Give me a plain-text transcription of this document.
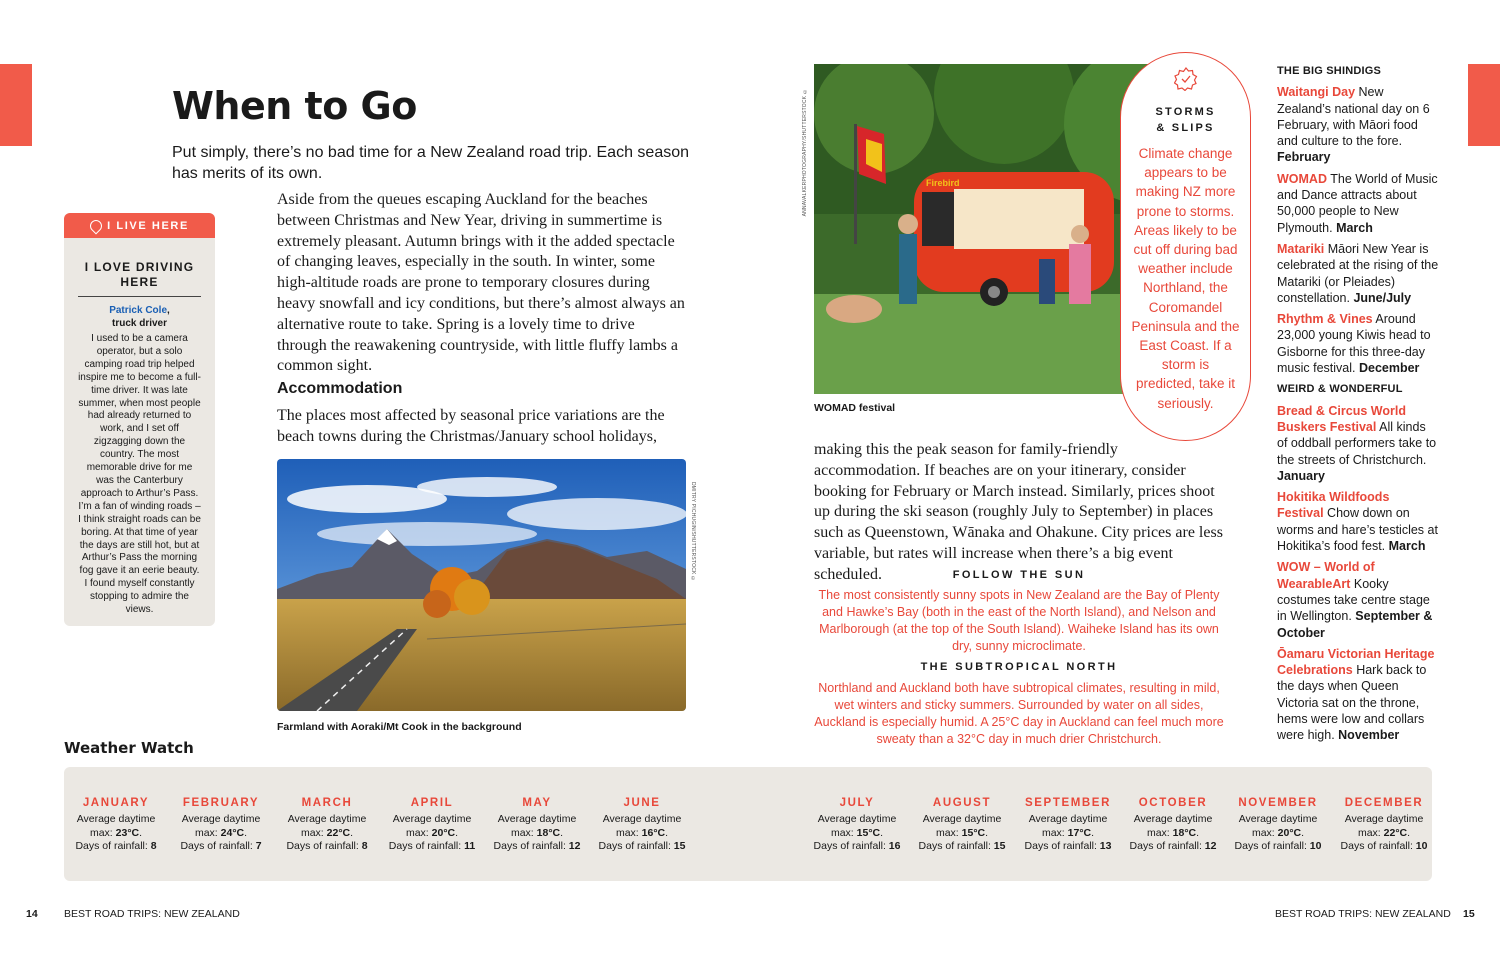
When to Go

Put simply, there’s no bad time for a New Zealand road trip. Each season has merits of its own.

Aside from the queues escaping Auckland for the beaches between Christmas and New Year, driving in summertime is extremely pleasant. Autumn brings with it the added spectacle of changing leaves, especially in the south. In winter, some high-altitude roads are prone to temporary closures during heavy snowfall and icy conditions, but there’s almost always an alternative route to take. Spring is a lovely time to drive through the reawakening countryside, with little fluffy lambs a common sight.

Accommodation

The places most affected by seasonal price variations are the beach towns during the Christmas/January school holidays,

I LIVE HERE
I LOVE DRIVING HERE
Patrick Cole,
truck driver

I used to be a camera operator, but a solo camping road trip helped inspire me to become a full-time driver. It was late summer, when most people had already returned to work, and I set off zigzagging down the country. The most memorable drive for me was the Canterbury approach to Arthur’s Pass. I’m a fan of winding roads – I think straight roads can be boring. At that time of year the days are still hot, but at Arthur’s Pass the morning fog gave it an eerie beauty. I found myself constantly stopping to admire the views.

DMITRY PICHUGIN/SHUTTERSTOCK ©
Farmland with Aoraki/Mt Cook in the background
Firebird
ANNAVALKERPHOTOGRAPHY/SHUTTERSTOCK ©
WOMAD festival
STORMS
& SLIPS

Climate change appears to be making NZ more prone to storms. Areas likely to be cut off during bad weather include Northland, the Coromandel Peninsula and the East Coast. If a storm is predicted, take it seriously.

making this the peak season for family-friendly accommodation. If beaches are on your itinerary, consider booking for February or March instead. Similarly, prices shoot up during the ski season (roughly July to September) in places such as Queenstown, Wānaka and Ohakune. City prices are less variable, but rates will increase when there’s a big event scheduled.	FOLLOW THE SUN

The most consistently sunny spots in New Zealand are the Bay of Plenty and Hawke’s Bay (both in the east of the North Island), and Nelson and Marlborough (at the top of the South Island). Waiheke Island has its own dry, sunny microclimate.

THE SUBTROPICAL NORTH

Northland and Auckland both have subtropical climates, resulting in mild, wet winters and sticky summers. Surrounded by water on all sides, Auckland is especially humid. A 25°C day in Auckland can feel much more sweaty than a 32°C day in much drier Christchurch.

THE BIG SHINDIGS
Waitangi Day New Zealand’s national day on 6 February, with Māori food and culture to the fore. February
WOMAD The World of Music and Dance attracts about 50,000 people to New Plymouth. March
Matariki Māori New Year is celebrated at the rising of the Matariki (or Pleiades) constellation. June/July
Rhythm & Vines Around 23,000 young Kiwis head to Gisborne for this three-day music festival. December
WEIRD & WONDERFUL
Bread & Circus World Buskers Festival All kinds of oddball performers take to the streets of Christchurch. January
Hokitika Wildfoods Festival Chow down on worms and hare’s testicles at Hokitika’s food fest. March
WOW – World of WearableArt Kooky costumes take centre stage in Wellington. September & October
Ōamaru Victorian Heritage Celebrations Hark back to the days when Queen Victoria sat on the throne, hems were low and collars were high. November
Weather Watch
JANUARY
Average daytime
max: 23°C.
Days of rainfall: 8
FEBRUARY
Average daytime
max: 24°C.
Days of rainfall: 7
MARCH
Average daytime
max: 22°C.
Days of rainfall: 8
APRIL
Average daytime
max: 20°C.
Days of rainfall: 11
MAY
Average daytime
max: 18°C.
Days of rainfall: 12
JUNE
Average daytime
max: 16°C.
Days of rainfall: 15
JULY
Average daytime
max: 15°C.
Days of rainfall: 16
AUGUST
Average daytime
max: 15°C.
Days of rainfall: 15
SEPTEMBER
Average daytime
max: 17°C.
Days of rainfall: 13
OCTOBER
Average daytime
max: 18°C.
Days of rainfall: 12
NOVEMBER
Average daytime
max: 20°C.
Days of rainfall: 10
DECEMBER
Average daytime
max: 22°C.
Days of rainfall: 10
14	BEST ROAD TRIPS: NEW ZEALAND	BEST ROAD TRIPS: NEW ZEALAND 15
